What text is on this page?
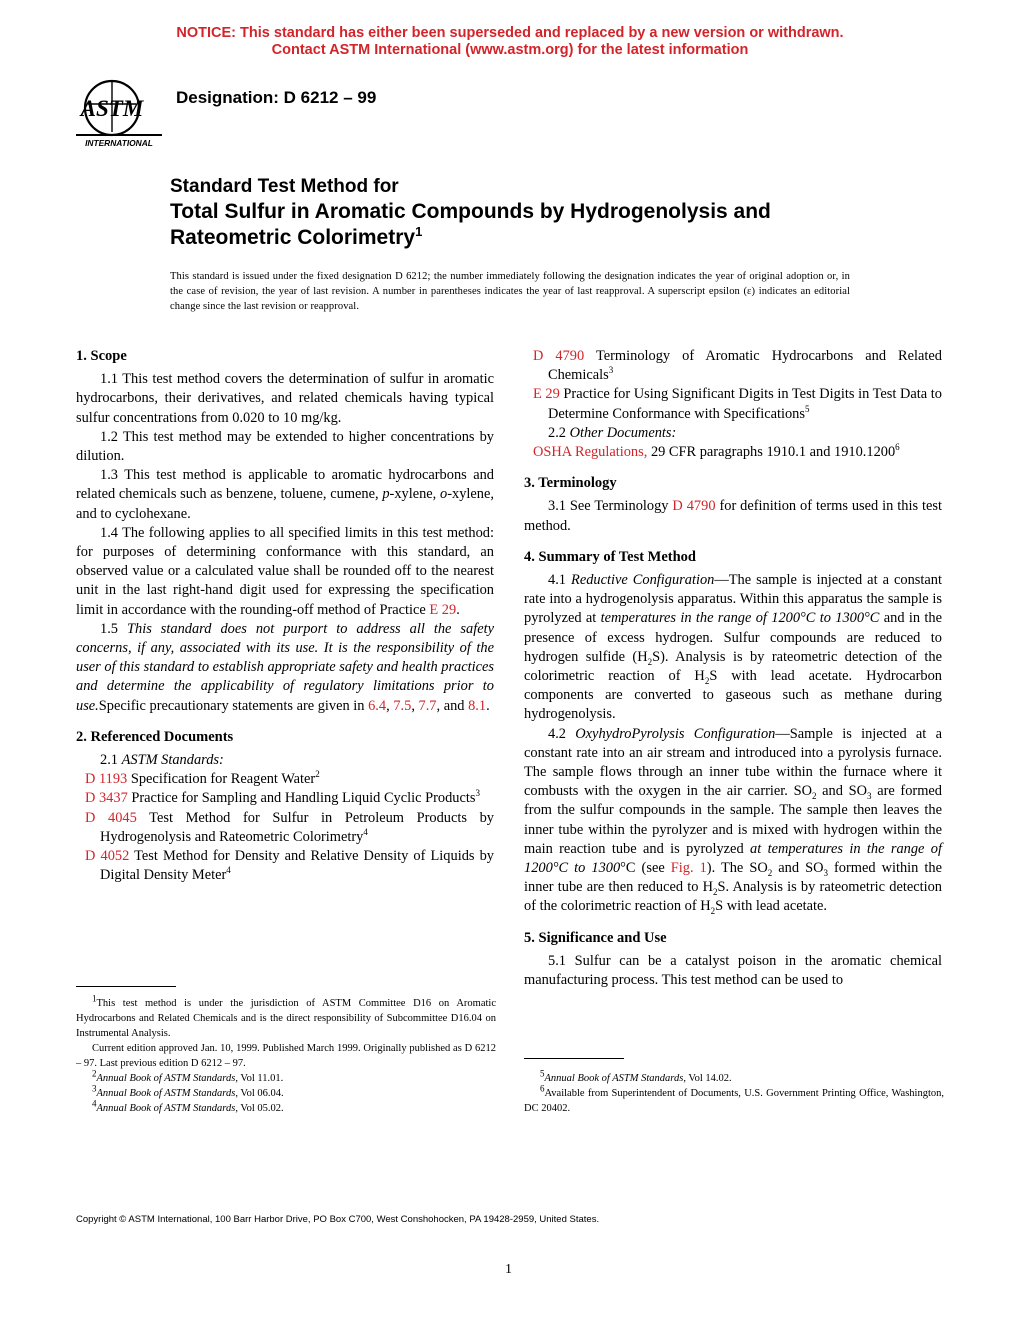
NOTICE: This standard has either been superseded and replaced by a new version or withdrawn.
Contact ASTM International (www.astm.org) for the latest information
ASTM
INTERNATIONAL
Designation: D 6212 – 99
Standard Test Method for
Total Sulfur in Aromatic Compounds by Hydrogenolysis and
Rateometric Colorimetry$^1$
This standard is issued under the fixed designation D 6212; the number immediately following the designation indicates the year of original adoption or, in the case of revision, the year of last revision. A number in parentheses indicates the year of last reapproval. A superscript epsilon (ε) indicates an editorial change since the last revision or reapproval.
1. Scope

1.1 This test method covers the determination of sulfur in aromatic hydrocarbons, their derivatives, and related chemicals having typical sulfur concentrations from 0.020 to 10 mg/kg.

1.2 This test method may be extended to higher concentrations by dilution.

1.3 This test method is applicable to aromatic hydrocarbons and related chemicals such as benzene, toluene, cumene, p-xylene, o-xylene, and to cyclohexane.

1.4 The following applies to all specified limits in this test method: for purposes of determining conformance with this standard, an observed value or a calculated value shall be rounded off to the nearest unit in the last right-hand digit used for expressing the specification limit in accordance with the rounding-off method of Practice E 29.

1.5 This standard does not purport to address all the safety concerns, if any, associated with its use. It is the responsibility of the user of this standard to establish appropriate safety and health practices and determine the applicability of regulatory limitations prior to use.Specific precautionary statements are given in 6.4, 7.5, 7.7, and 8.1.

2. Referenced Documents

2.1 ASTM Standards:

D 1193 Specification for Reagent Water$^2$
D 3437 Practice for Sampling and Handling Liquid Cyclic Products$^3$
D 4045 Test Method for Sulfur in Petroleum Products by Hydrogenolysis and Rateometric Colorimetry$^4$
D 4052 Test Method for Density and Relative Density of Liquids by Digital Density Meter$^4$
D 4790 Terminology of Aromatic Hydrocarbons and Related Chemicals$^3$
E 29 Practice for Using Significant Digits in Test Digits in Test Data to Determine Conformance with Specifications$^5$

2.2 Other Documents:

OSHA Regulations, 29 CFR paragraphs 1910.1 and 1910.1200$^6$
3. Terminology

3.1 See Terminology D 4790 for definition of terms used in this test method.

4. Summary of Test Method

4.1 Reductive Configuration—The sample is injected at a constant rate into a hydrogenolysis apparatus. Within this apparatus the sample is pyrolyzed at temperatures in the range of 1200°C to 1300°C and in the presence of excess hydrogen. Sulfur compounds are reduced to hydrogen sulfide $(H_2S)$. Analysis is by rateometric detection of the colorimetric reaction of $H_2S$ with lead acetate. Hydrocarbon components are converted to gaseous such as methane during hydrogenolysis.

4.2 OxyhydroPyrolysis Configuration—Sample is injected at a constant rate into an air stream and introduced into a pyrolysis furnace. The sample flows through an inner tube within the furnace where it combusts with the oxygen in the air carrier. $SO_2$ and $SO_3$ are formed from the sulfur compounds in the sample. The sample then leaves the inner tube within the pyrolyzer and is mixed with hydrogen within the main reaction tube and is pyrolyzed at temperatures in the range of 1200°C to 1300°C (see Fig. 1). The $SO_2$ and $SO_3$ formed within the inner tube are then reduced to $H_2S$. Analysis is by rateometric detection of the colorimetric reaction of $H_2S$ with lead acetate.

5. Significance and Use

5.1 Sulfur can be a catalyst poison in the aromatic chemical manufacturing process. This test method can be used to

$^1$This test method is under the jurisdiction of ASTM Committee D16 on Aromatic Hydrocarbons and Related Chemicals and is the direct responsibility of Subcommittee D16.04 on Instrumental Analysis.

Current edition approved Jan. 10, 1999. Published March 1999. Originally published as D 6212 – 97. Last previous edition D 6212 – 97.

$^2$Annual Book of ASTM Standards, Vol 11.01.

$^3$Annual Book of ASTM Standards, Vol 06.04.

$^4$Annual Book of ASTM Standards, Vol 05.02.

$^5$Annual Book of ASTM Standards, Vol 14.02.

$^6$Available from Superintendent of Documents, U.S. Government Printing Office, Washington, DC 20402.

Copyright © ASTM International, 100 Barr Harbor Drive, PO Box C700, West Conshohocken, PA 19428-2959, United States.
1
